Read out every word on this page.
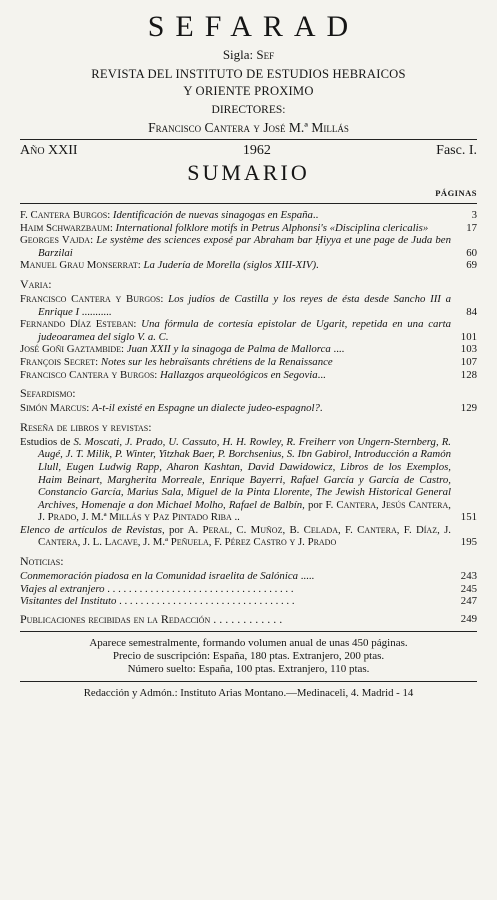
SEFARAD
Sigla: Sef
REVISTA DEL INSTITUTO DE ESTUDIOS HEBRAICOS
Y ORIENTE PROXIMO
DIRECTORES:
Francisco Cantera y José M.ª Millás
Año XXII	1962	Fasc. I.
SUMARIO
PÁGINAS
F. Cantera Burgos: Identificación de nuevas sinagogas en España..	3
Haim Schwarzbaum: International folklore motifs in Petrus Alphonsi's «Disciplina clericalis»	17
Georges Vajda: Le système des sciences exposé par Abraham bar Ḥiyya et une page de Juda ben Barzilai	60
Manuel Grau Monserrat: La Judería de Morella (siglos XIII-XIV).	69
Varia:
Francisco Cantera y Burgos: Los judíos de Castilla y los reyes de ésta desde Sancho III a Enrique I ...........	84
Fernando Díaz Esteban: Una fórmula de cortesía epistolar de Ugarit, repetida en una carta judeoaramea del siglo V. a. C.	101
José Goñi Gaztambide: Juan XXII y la sinagoga de Palma de Mallorca ....	103
François Secret: Notes sur les hebraïsants chrétiens de la Renaissance	107
Francisco Cantera y Burgos: Hallazgos arqueológicos en Segovia...	128
Sefardismo:
Simón Marcus: A-t-il existé en Espagne un dialecte judeo-espagnol?.	129
Reseña de libros y revistas:
Estudios de S. Moscati, J. Prado, U. Cassuto, H. H. Rowley, R. Freiherr von Ungern-Sternberg, R. Augé, J. T. Milik, P. Winter, Yitzhak Baer, P. Borchsenius, S. Ibn Gabirol, Introducción a Ramón Llull, Eugen Ludwig Rapp, Aharon Kashtan, David Dawidowicz, Libros de los Exemplos, Haim Beinart, Margherita Morreale, Enrique Bayerri, Rafael García y García de Castro, Constancio García, Marius Sala, Miguel de la Pinta Llorente, The Jewish Historical General Archives, Homenaje a don Michael Molho, Rafael de Balbín, por F. Cantera, Jesús Cantera, J. Prado, J. M.ª Millás y Paz Pintado Riba ..	151
Elenco de artículos de Revistas, por A. Peral, C. Muñoz, B. Celada, F. Cantera, F. Díaz, J. Cantera, J. L. Lacave, J. M.ª Peñuela, F. Pérez Castro y J. Prado	195
Noticias:
Conmemoración piadosa en la Comunidad israelita de Salónica .....	243
Viajes al extranjero . . . . . . . . . . . . . . . . . . . . . . . . . . . . . . . . . . .	245
Visitantes del Instituto . . . . . . . . . . . . . . . . . . . . . . . . . . . . . . . . .	247
Publicaciones recibidas en la Redacción . . . . . . . . . . . .	249
Aparece semestralmente, formando volumen anual de unas 450 páginas.
Precio de suscripción: España, 180 ptas. Extranjero, 200 ptas.
Número suelto: España, 100 ptas. Extranjero, 110 ptas.
Redacción y Admón.: Instituto Arias Montano.—Medinaceli, 4. Madrid - 14
